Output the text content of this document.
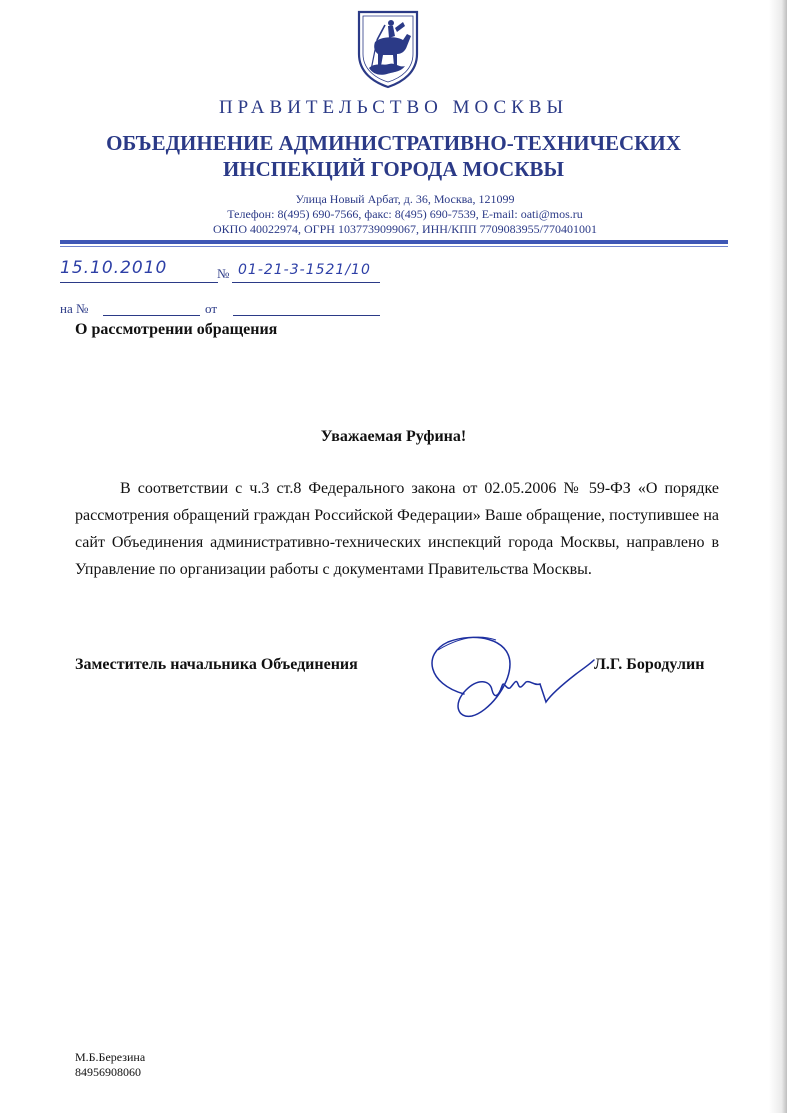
ПРАВИТЕЛЬСТВО МОСКВЫ
ОБЪЕДИНЕНИЕ АДМИНИСТРАТИВНО-ТЕХНИЧЕСКИХ
ИНСПЕКЦИЙ ГОРОДА МОСКВЫ
Улица Новый Арбат, д. 36, Москва, 121099
Телефон: 8(495) 690-7566, факс: 8(495) 690-7539, E-mail: oati@mos.ru
ОКПО 40022974, ОГРН 1037739099067, ИНН/КПП 7709083955/770401001
15.10.2010	№ 01-21-3-1521/10
на №	от
О рассмотрении обращения
Уважаемая Руфина!

В соответствии с ч.3 ст.8 Федерального закона от 02.05.2006 № 59-ФЗ «О порядке рассмотрения обращений граждан Российской Федерации» Ваше обращение, поступившее на сайт Объединения административно-технических инспекций города Москвы, направлено в Управление по организации работы с документами Правительства Москвы.

Заместитель начальника Объединения	Л.Г. Бородулин
М.Б.Березина
84956908060
